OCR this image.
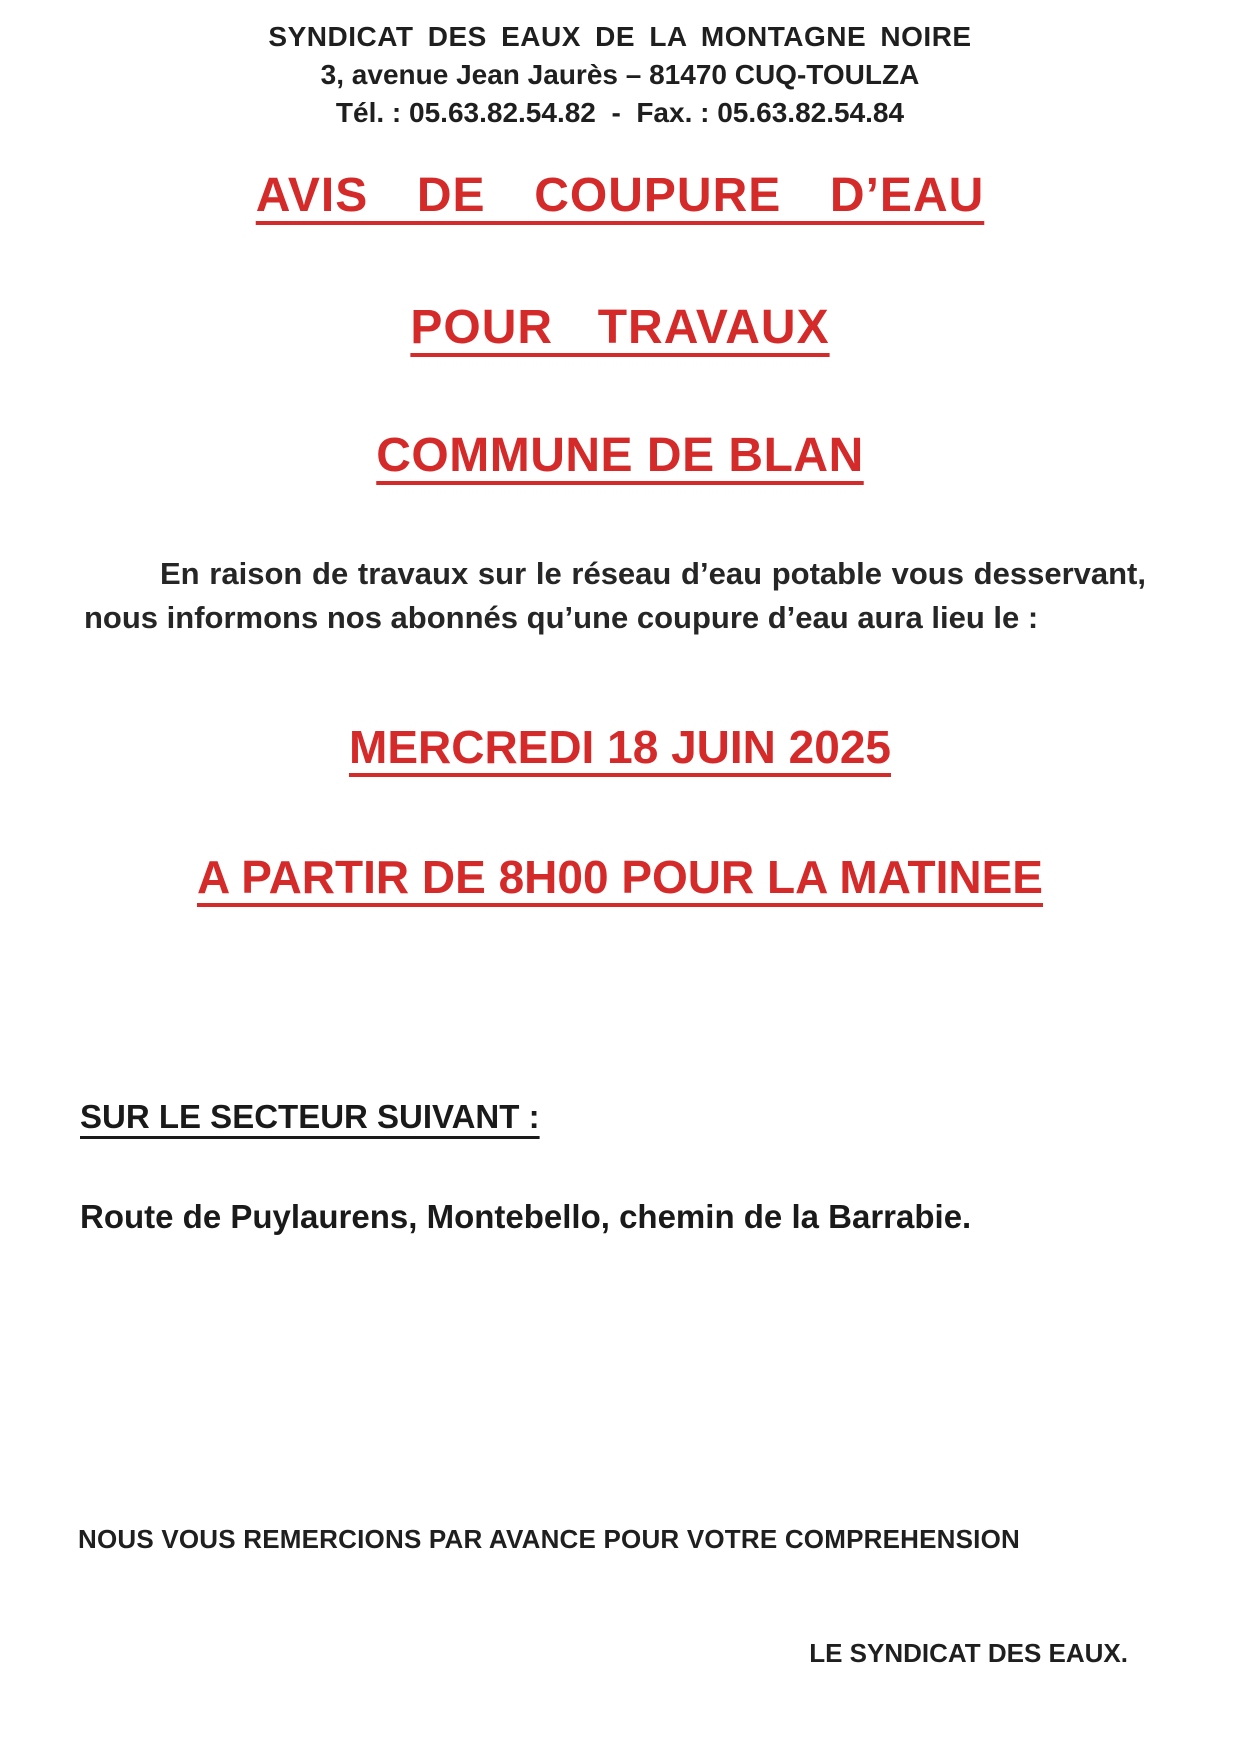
SYNDICAT DES EAUX DE LA MONTAGNE NOIRE
3, avenue Jean Jaurès – 81470 CUQ-TOULZA
Tél. : 05.63.82.54.82  -  Fax. : 05.63.82.54.84
AVIS  DE  COUPURE  D’EAU
POUR  TRAVAUX
COMMUNE DE BLAN

En raison de travaux sur le réseau d’eau potable vous desservant, nous informons nos abonnés qu’une coupure d’eau aura lieu le :

MERCREDI 18 JUIN 2025
A PARTIR DE 8H00 POUR LA MATINEE
SUR LE SECTEUR SUIVANT :
Route de Puylaurens, Montebello, chemin de la Barrabie.
NOUS VOUS REMERCIONS PAR AVANCE POUR VOTRE COMPREHENSION
LE SYNDICAT DES EAUX.
